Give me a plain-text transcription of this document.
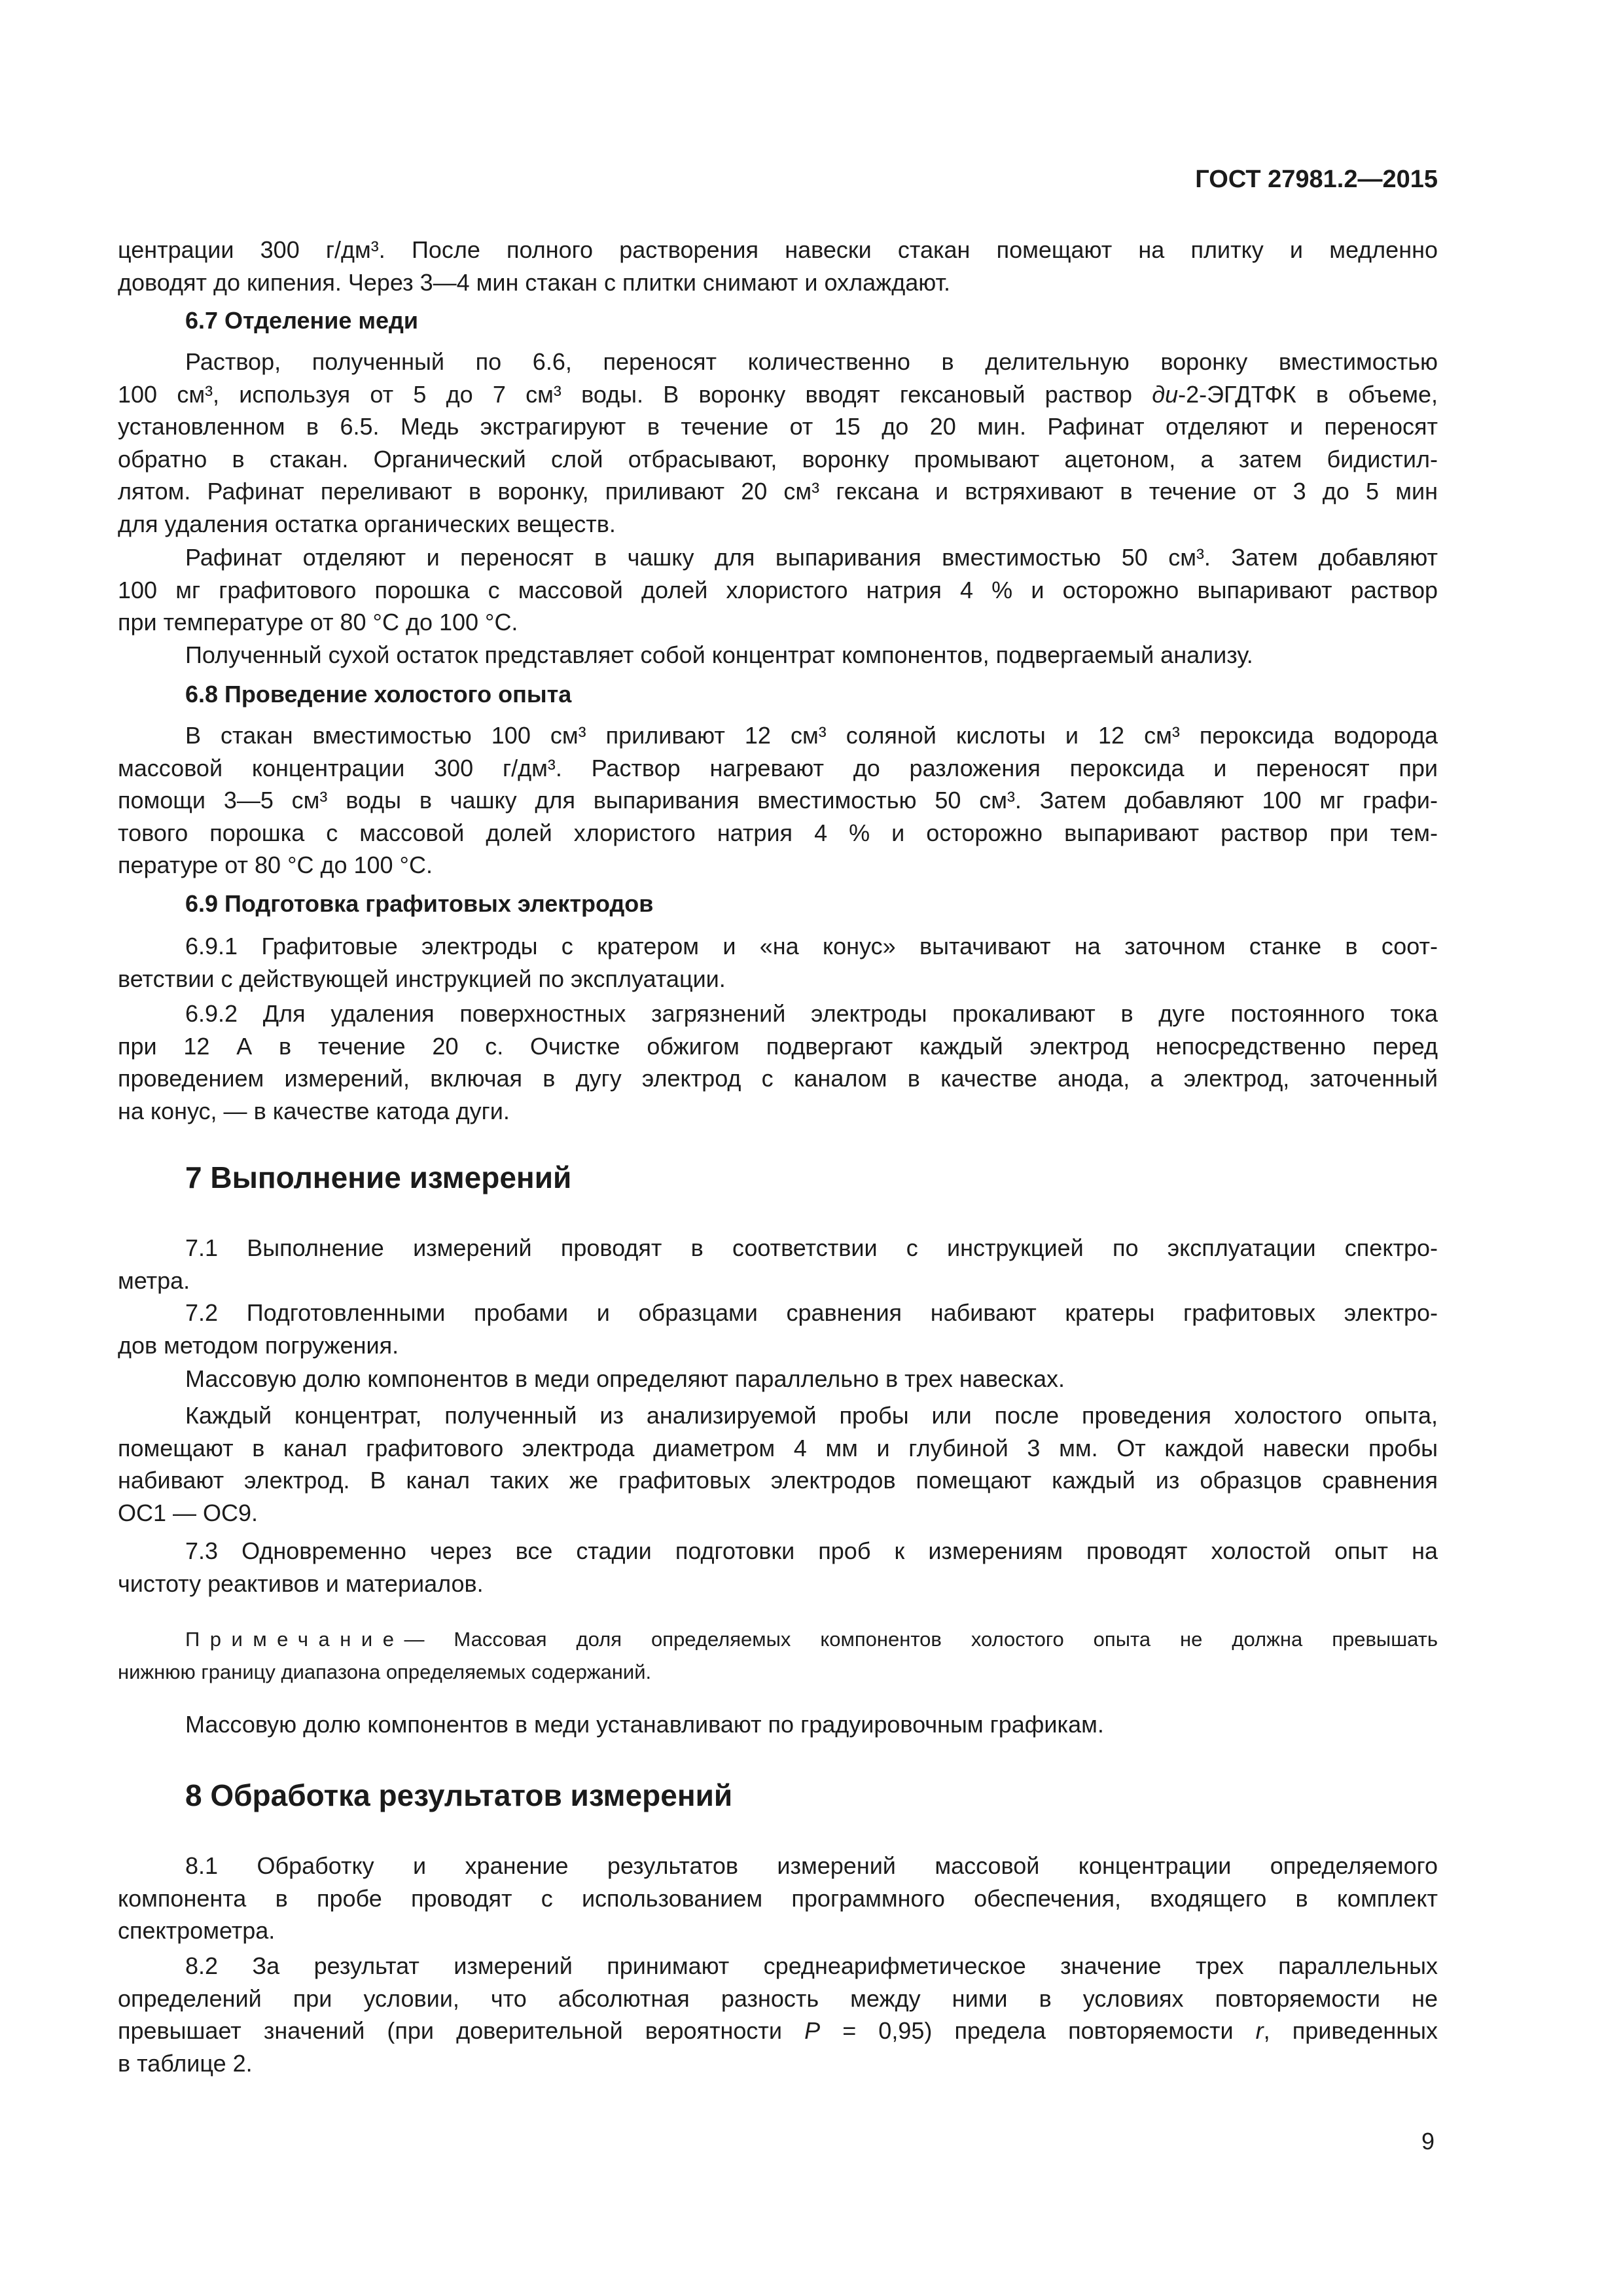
ГОСТ 27981.2—2015
центрации 300 г/дм³. После полного растворения навески стакан помещают на плитку и медленно
доводят до кипения. Через 3—4 мин стакан с плитки снимают и охлаждают.
6.7 Отделение меди
Раствор, полученный по 6.6, переносят количественно в делительную воронку вместимостью
100 см³, используя от 5 до 7 см³ воды. В воронку вводят гексановый раствор ди-2-ЭГДТФК в объеме,
установленном в 6.5. Медь экстрагируют в течение от 15 до 20 мин. Рафинат отделяют и переносят
обратно в стакан. Органический слой отбрасывают, воронку промывают ацетоном, а затем бидистил-
лятом. Рафинат переливают в воронку, приливают 20 см³ гексана и встряхивают в течение от 3 до 5 мин
для удаления остатка органических веществ.
Рафинат отделяют и переносят в чашку для выпаривания вместимостью 50 см³. Затем добавляют
100 мг графитового порошка с массовой долей хлористого натрия 4 % и осторожно выпаривают раствор
при температуре от 80 °С до 100 °С.
Полученный сухой остаток представляет собой концентрат компонентов, подвергаемый анализу.
6.8 Проведение холостого опыта
В стакан вместимостью 100 см³ приливают 12 см³ соляной кислоты и 12 см³ пероксида водорода
массовой концентрации 300 г/дм³. Раствор нагревают до разложения пероксида и переносят при
помощи 3—5 см³ воды в чашку для выпаривания вместимостью 50 см³. Затем добавляют 100 мг графи-
тового порошка с массовой долей хлористого натрия 4 % и осторожно выпаривают раствор при тем-
пературе от 80 °С до 100 °С.
6.9 Подготовка графитовых электродов
6.9.1 Графитовые электроды с кратером и «на конус» вытачивают на заточном станке в соот-
ветствии с действующей инструкцией по эксплуатации.
6.9.2 Для удаления поверхностных загрязнений электроды прокаливают в дуге постоянного тока
при 12 А в течение 20 с. Очистке обжигом подвергают каждый электрод непосредственно перед
проведением измерений, включая в дугу электрод с каналом в качестве анода, а электрод, заточенный
на конус, — в качестве катода дуги.
7 Выполнение измерений
7.1 Выполнение измерений проводят в соответствии с инструкцией по эксплуатации спектро-
метра.
7.2 Подготовленными пробами и образцами сравнения набивают кратеры графитовых электро-
дов методом погружения.
Массовую долю компонентов в меди определяют параллельно в трех навесках.
Каждый концентрат, полученный из анализируемой пробы или после проведения холостого опыта,
помещают в канал графитового электрода диаметром 4 мм и глубиной 3 мм. От каждой навески пробы
набивают электрод. В канал таких же графитовых электродов помещают каждый из образцов сравнения
ОС1 — ОС9.
7.3 Одновременно через все стадии подготовки проб к измерениям проводят холостой опыт на
чистоту реактивов и материалов.
Примечание— Массовая доля определяемых компонентов холостого опыта не должна превышать
нижнюю границу диапазона определяемых содержаний.
Массовую долю компонентов в меди устанавливают по градуировочным графикам.
8 Обработка результатов измерений
8.1 Обработку и хранение результатов измерений массовой концентрации определяемого
компонента в пробе проводят с использованием программного обеспечения, входящего в комплект
спектрометра.
8.2 За результат измерений принимают среднеарифметическое значение трех параллельных
определений при условии, что абсолютная разность между ними в условиях повторяемости не
превышает значений (при доверительной вероятности P = 0,95) предела повторяемости r, приведенных
в таблице 2.
9
